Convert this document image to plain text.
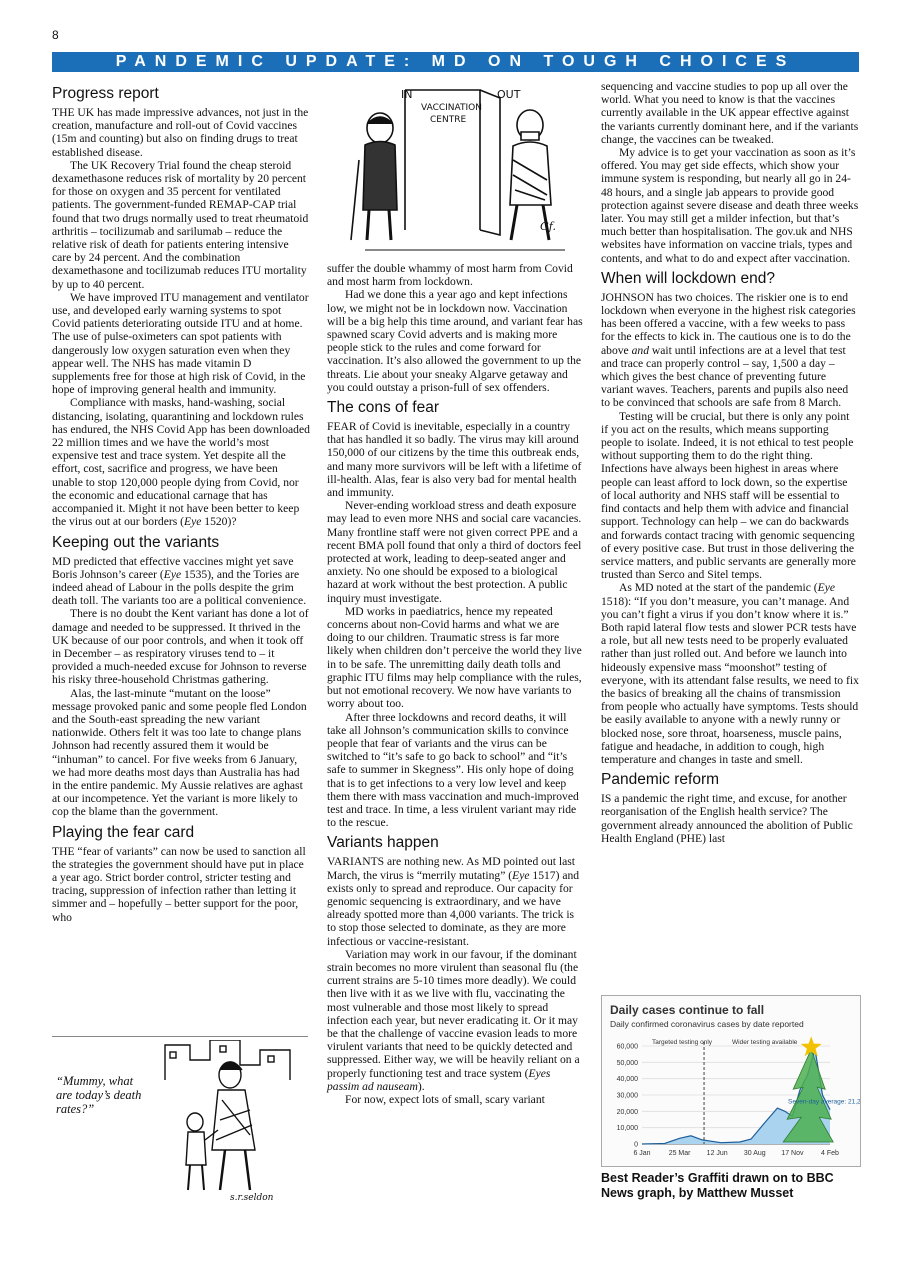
8
PANDEMIC UPDATE: MD ON TOUGH CHOICES
Progress report

THE UK has made impressive advances, not just in the creation, manufacture and roll-out of Covid vaccines (15m and counting) but also on finding drugs to treat established disease.

The UK Recovery Trial found the cheap steroid dexamethasone reduces risk of mortality by 20 percent for those on oxygen and 35 percent for ventilated patients. The government-funded REMAP-CAP trial found that two drugs normally used to treat rheumatoid arthritis – tocilizumab and sarilumab – reduce the relative risk of death for patients entering intensive care by 24 percent. And the combination dexamethasone and tocilizumab reduces ITU mortality by up to 40 percent.

We have improved ITU management and ventilator use, and developed early warning systems to spot Covid patients deteriorating outside ITU and at home. The use of pulse-oximeters can spot patients with dangerously low oxygen saturation even when they appear well. The NHS has made vitamin D supplements free for those at high risk of Covid, in the hope of improving general health and immunity.

Compliance with masks, hand-washing, social distancing, isolating, quarantining and lockdown rules has endured, the NHS Covid App has been downloaded 22 million times and we have the world’s most expensive test and trace system. Yet despite all the effort, cost, sacrifice and progress, we have been unable to stop 120,000 people dying from Covid, nor the economic and educational carnage that has accompanied it. Might it not have been better to keep the virus out at our borders (Eye 1520)?

Keeping out the variants

MD predicted that effective vaccines might yet save Boris Johnson’s career (Eye 1535), and the Tories are indeed ahead of Labour in the polls despite the grim death toll. The variants too are a political convenience.

There is no doubt the Kent variant has done a lot of damage and needed to be suppressed. It thrived in the UK because of our poor controls, and when it took off in December – as respiratory viruses tend to – it provided a much-needed excuse for Johnson to reverse his risky three-household Christmas gathering.

Alas, the last-minute “mutant on the loose” message provoked panic and some people fled London and the South-east spreading the new variant nationwide. Others felt it was too late to change plans Johnson had recently assured them it would be “inhuman” to cancel. For five weeks from 6 January, we had more deaths most days than Australia has had in the entire pandemic. My Aussie relatives are aghast at our incompetence. Yet the variant is more likely to cop the blame than the government.

Playing the fear card

THE “fear of variants” can now be used to sanction all the strategies the government should have put in place a year ago. Strict border control, stricter testing and tracing, suppression of infection rather than letting it simmer and – hopefully – better support for the poor, who

IN	OUT
VACCINATION
CENTRE
Gf.
“Mummy, what are today’s death rates?”
s.r.seldon

suffer the double whammy of most harm from Covid and most harm from lockdown.

Had we done this a year ago and kept infections low, we might not be in lockdown now. Vaccination will be a big help this time around, and variant fear has spawned scary Covid adverts and is making more people stick to the rules and come forward for vaccination. It’s also allowed the government to up the threats. Lie about your sneaky Algarve getaway and you could outstay a prison-full of sex offenders.

The cons of fear

FEAR of Covid is inevitable, especially in a country that has handled it so badly. The virus may kill around 150,000 of our citizens by the time this outbreak ends, and many more survivors will be left with a lifetime of ill-health. Alas, fear is also very bad for mental health and immunity.

Never-ending workload stress and death exposure may lead to even more NHS and social care vacancies. Many frontline staff were not given correct PPE and a recent BMA poll found that only a third of doctors feel protected at work, leading to deep-seated anger and anxiety. No one should be exposed to a biological hazard at work without the best protection. A public inquiry must investigate.

MD works in paediatrics, hence my repeated concerns about non-Covid harms and what we are doing to our children. Traumatic stress is far more likely when children don’t perceive the world they live in to be safe. The unremitting daily death tolls and graphic ITU films may help compliance with the rules, but not emotional recovery. We now have variants to worry about too.

After three lockdowns and record deaths, it will take all Johnson’s communication skills to convince people that fear of variants and the virus can be switched to “it’s safe to go back to school” and “it’s safe to summer in Skegness”. His only hope of doing that is to get infections to a very low level and keep them there with mass vaccination and much-improved test and trace. In time, a less virulent variant may ride to the rescue.

Variants happen

VARIANTS are nothing new. As MD pointed out last March, the virus is “merrily mutating” (Eye 1517) and exists only to spread and reproduce. Our capacity for genomic sequencing is extraordinary, and we have already spotted more than 4,000 variants. The trick is to stop those selected to dominate, as they are more infectious or vaccine-resistant.

Variation may work in our favour, if the dominant strain becomes no more virulent than seasonal flu (the current strains are 5-10 times more deadly). We could then live with it as we live with flu, vaccinating the most vulnerable and those most likely to spread infection each year, but never eradicating it. Or it may be that the challenge of vaccine evasion leads to more virulent variants that need to be quickly detected and suppressed. Either way, we will be heavily reliant on a properly functioning test and trace system (Eyes passim ad nauseam).

For now, expect lots of small, scary variant

sequencing and vaccine studies to pop up all over the world. What you need to know is that the vaccines currently available in the UK appear effective against the variants currently dominant here, and if the variants change, the vaccines can be tweaked.

My advice is to get your vaccination as soon as it’s offered. You may get side effects, which show your immune system is responding, but nearly all go in 24-48 hours, and a single jab appears to provide good protection against severe disease and death three weeks later. You may still get a milder infection, but that’s much better than hospitalisation. The gov.uk and NHS websites have information on vaccine trials, types and contents, and what to do and expect after vaccination.

When will lockdown end?

JOHNSON has two choices. The riskier one is to end lockdown when everyone in the highest risk categories has been offered a vaccine, with a few weeks to pass for the effects to kick in. The cautious one is to do the above and wait until infections are at a level that test and trace can properly control – say, 1,500 a day – which gives the best chance of preventing future variant waves. Teachers, parents and pupils also need to be convinced that schools are safe from 8 March.

Testing will be crucial, but there is only any point if you act on the results, which means supporting people to isolate. Indeed, it is not ethical to test people without supporting them to do the right thing. Infections have always been highest in areas where people can least afford to lock down, so the expertise of local authority and NHS staff will be essential to find contacts and help them with advice and financial support. Technology can help – we can do backwards and forwards contact tracing with genomic sequencing of every positive case. But trust in those delivering the service matters, and public servants are generally more trusted than Serco and Sitel temps.

As MD noted at the start of the pandemic (Eye 1518): “If you don’t measure, you can’t manage. And you can’t fight a virus if you don’t know where it is.” Both rapid lateral flow tests and slower PCR tests have a role, but all new tests need to be properly evaluated rather than just rolled out. And before we launch into hideously expensive mass “moonshot” testing of everyone, with its attendant false results, we need to fix the basics of breaking all the chains of transmission from people who actually have symptoms. Tests should be easily available to anyone with a newly runny or blocked nose, sore throat, hoarseness, muscle pains, fatigue and headache, in addition to cough, high temperature and changes in taste and smell.

Pandemic reform

IS a pandemic the right time, and excuse, for another reorganisation of the English health service? The government already announced the abolition of Public Health England (PHE) last

Daily cases continue to fall
Daily confirmed coronavirus cases by date reported
60,000
50,000
40,000
30,000
20,000
10,000
0
6 Jan	25 Mar 12 Jun 30 Aug 17 Nov	4 Feb
Targeted testing only	Wider testing available
Seven-day average: 21,246
Best Reader’s Graffiti drawn on to BBC News graph, by Matthew Musset
